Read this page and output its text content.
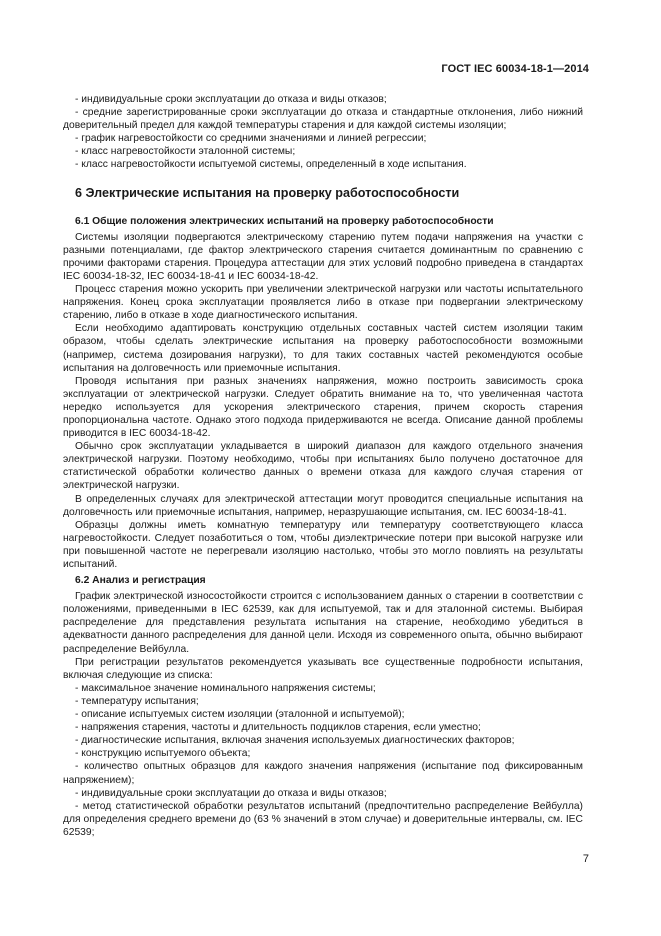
ГОСТ IEC 60034-18-1—2014

- индивидуальные сроки эксплуатации до отказа и виды отказов;

- средние зарегистрированные сроки эксплуатации до отказа и стандартные отклонения, либо нижний доверительный предел для каждой температуры старения и для каждой системы изоляции;

- график нагревостойкости со средними значениями и линией регрессии;

- класс нагревостойкости эталонной системы;

- класс нагревостойкости испытуемой системы, определенный в ходе испытания.

6 Электрические испытания на проверку работоспособности
6.1 Общие положения электрических испытаний на проверку работоспособности

Системы изоляции подвергаются электрическому старению путем подачи напряжения на участки с разными потенциалами, где фактор электрического старения считается доминантным по сравнению с прочими факторами старения. Процедура аттестации для этих условий подробно приведена в стандартах IEC 60034-18-32, IEC 60034-18-41 и IEC 60034-18-42.

Процесс старения можно ускорить при увеличении электрической нагрузки или частоты испытательного напряжения. Конец срока эксплуатации проявляется либо в отказе при подвергании электрическому старению, либо в отказе в ходе диагностического испытания.

Если необходимо адаптировать конструкцию отдельных составных частей систем изоляции таким образом, чтобы сделать электрические испытания на проверку работоспособности возможными (например, система дозирования нагрузки), то для таких составных частей рекомендуются особые испытания на долговечность или приемочные испытания.

Проводя испытания при разных значениях напряжения, можно построить зависимость срока эксплуатации от электрической нагрузки. Следует обратить внимание на то, что увеличенная частота нередко используется для ускорения электрического старения, причем скорость старения пропорциональна частоте. Однако этого подхода придерживаются не всегда. Описание данной проблемы приводится в IEC 60034-18-42.

Обычно срок эксплуатации укладывается в широкий диапазон для каждого отдельного значения электрической нагрузки. Поэтому необходимо, чтобы при испытаниях было получено достаточное для статистической обработки количество данных о времени отказа для каждого случая старения от электрической нагрузки.

В определенных случаях для электрической аттестации могут проводится специальные испытания на долговечность или приемочные испытания, например, неразрушающие испытания, см. IEC 60034-18-41.

Образцы должны иметь комнатную температуру или температуру соответствующего класса нагревостойкости. Следует позаботиться о том, чтобы диэлектрические потери при высокой нагрузке или при повышенной частоте не перегревали изоляцию настолько, чтобы это могло повлиять на результаты испытаний.

6.2 Анализ и регистрация

График электрической износостойкости строится с использованием данных о старении в соответствии с положениями, приведенными в IEC 62539, как для испытуемой, так и для эталонной системы. Выбирая распределение для представления результата испытания на старение, необходимо убедиться в адекватности данного распределения для данной цели. Исходя из современного опыта, обычно выбирают распределение Вейбулла.

При регистрации результатов рекомендуется указывать все существенные подробности испытания, включая следующие из списка:

- максимальное значение номинального напряжения системы;

- температуру испытания;

- описание испытуемых систем изоляции (эталонной и испытуемой);

- напряжения старения, частоты и длительность подциклов старения, если уместно;

- диагностические испытания, включая значения используемых диагностических факторов;

- конструкцию испытуемого объекта;

- количество опытных образцов для каждого значения напряжения (испытание под фиксированным напряжением);

- индивидуальные сроки эксплуатации до отказа и виды отказов;

- метод статистической обработки результатов испытаний (предпочтительно распределение Вейбулла) для определения среднего времени до (63 % значений в этом случае) и доверительные интервалы, см. IEC 62539;

7
